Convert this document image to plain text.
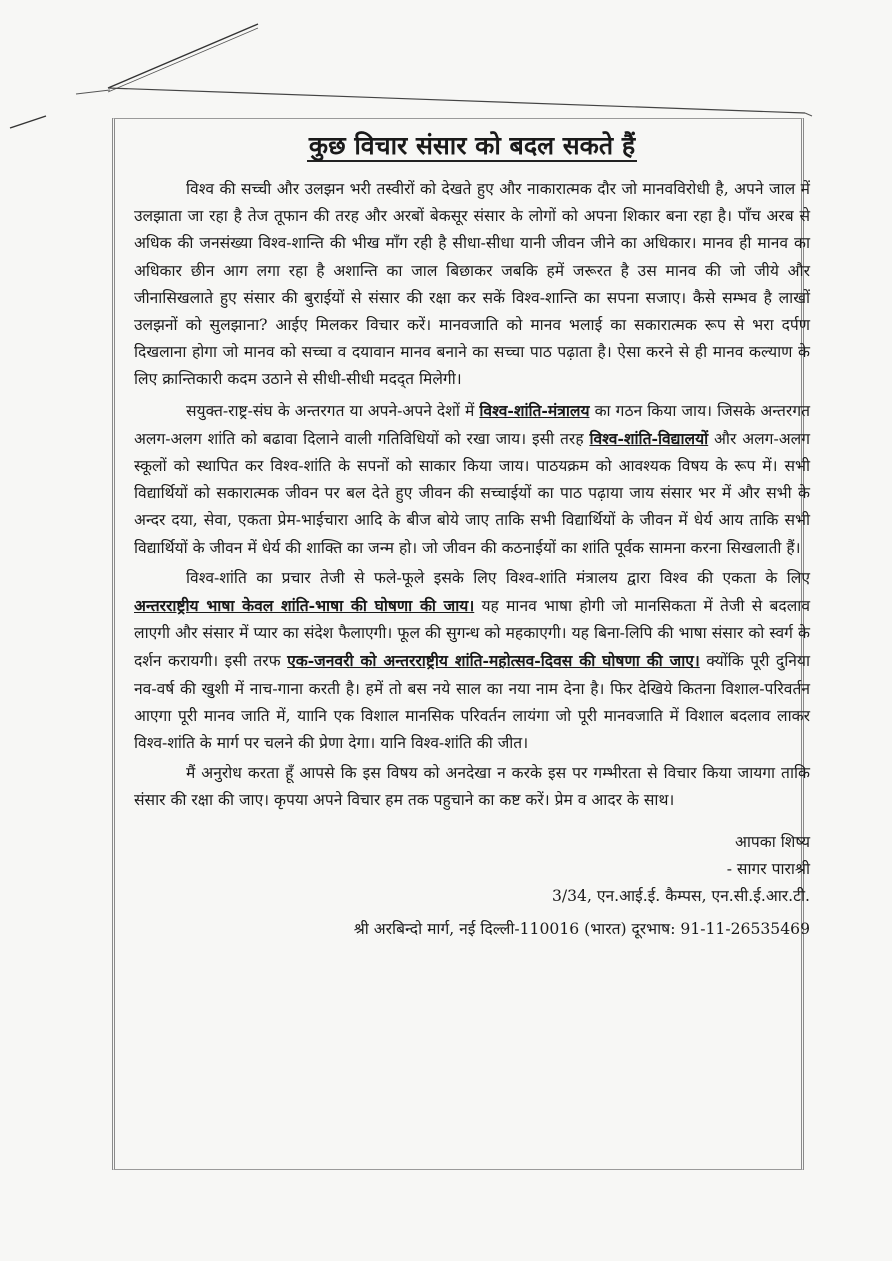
कुछ विचार संसार को बदल सकते हैं

विश्व की सच्ची और उलझन भरी तस्वीरों को देखते हुए और नाकारात्मक दौर जो मानवविरोधी है, अपने जाल में उलझाता जा रहा है तेज तूफान की तरह और अरबों बेकसूर संसार के लोगों को अपना शिकार बना रहा है। पाँच अरब से अधिक की जनसंख्या विश्व-शान्ति की भीख माँग रही है सीधा-सीधा यानी जीवन जीने का अधिकार। मानव ही मानव का अधिकार छीन आग लगा रहा है अशान्ति का जाल बिछाकर जबकि हमें जरूरत है उस मानव की जो जीये और जीनासिखलाते हुए संसार की बुराईयों से संसार की रक्षा कर सकें विश्व-शान्ति का सपना सजाए। कैसे सम्भव है लाखों उलझनों को सुलझाना? आईए मिलकर विचार करें। मानवजाति को मानव भलाई का सकारात्मक रूप से भरा दर्पण दिखलाना होगा जो मानव को सच्चा व दयावान मानव बनाने का सच्चा पाठ पढ़ाता है। ऐसा करने से ही मानव कल्याण के लिए क्रान्तिकारी कदम उठाने से सीधी-सीधी मदद्त मिलेगी।

सयुक्त-राष्ट्र-संघ के अन्तरगत या अपने-अपने देशों में विश्व-शांति-मंत्रालय का गठन किया जाय। जिसके अन्तरगत अलग-अलग शांति को बढावा दिलाने वाली गतिविधियों को रखा जाय। इसी तरह विश्व-शांति-विद्यालयों और अलग-अलग स्कूलों को स्थापित कर विश्व-शांति के सपनों को साकार किया जाय। पाठयक्रम को आवश्यक विषय के रूप में। सभी विद्यार्थियों को सकारात्मक जीवन पर बल देते हुए जीवन की सच्चाईयों का पाठ पढ़ाया जाय संसार भर में और सभी के अन्दर दया, सेवा, एकता प्रेम-भाईचारा आदि के बीज बोये जाए ताकि सभी विद्यार्थियों के जीवन में धेर्य आय ताकि सभी विद्यार्थियों के जीवन में धेर्य की शाक्ति का जन्म हो। जो जीवन की कठनाईयों का शांति पूर्वक सामना करना सिखलाती हैं।

विश्व-शांति का प्रचार तेजी से फले-फूले इसके लिए विश्व-शांति मंत्रालय द्वारा विश्व की एकता के लिए अन्तरराष्ट्रीय भाषा केवल शांति-भाषा की घोषणा की जाय। यह मानव भाषा होगी जो मानसिकता में तेजी से बदलाव लाएगी और संसार में प्यार का संदेश फैलाएगी। फूल की सुगन्ध को महकाएगी। यह बिना-लिपि की भाषा संसार को स्वर्ग के दर्शन करायगी। इसी तरफ एक-जनवरी को अन्तरराष्ट्रीय शांति-महोत्सव-दिवस की घोषणा की जाए। क्योंकि पूरी दुनिया नव-वर्ष की खुशी में नाच-गाना करती है। हमें तो बस नये साल का नया नाम देना है। फिर देखिये कितना विशाल-परिवर्तन आएगा पूरी मानव जाति में, याानि एक विशाल मानसिक परिवर्तन लायंगा जो पूरी मानवजाति में विशाल बदलाव लाकर विश्व-शांति के मार्ग पर चलने की प्रेणा देगा। यानि विश्व-शांति की जीत।

मैं अनुरोध करता हूँ आपसे कि इस विषय को अनदेखा न करके इस पर गम्भीरता से विचार किया जायगा ताकि संसार की रक्षा की जाए। कृपया अपने विचार हम तक पहुचाने का कष्ट करें। प्रेम व आदर के साथ।

आपका शिष्य
- सागर पाराश्री
3/34, एन.आई.ई. कैम्पस, एन.सी.ई.आर.टी.
श्री अरबिन्दो मार्ग, नई दिल्ली-110016 (भारत) दूरभाष: 91-11-26535469
